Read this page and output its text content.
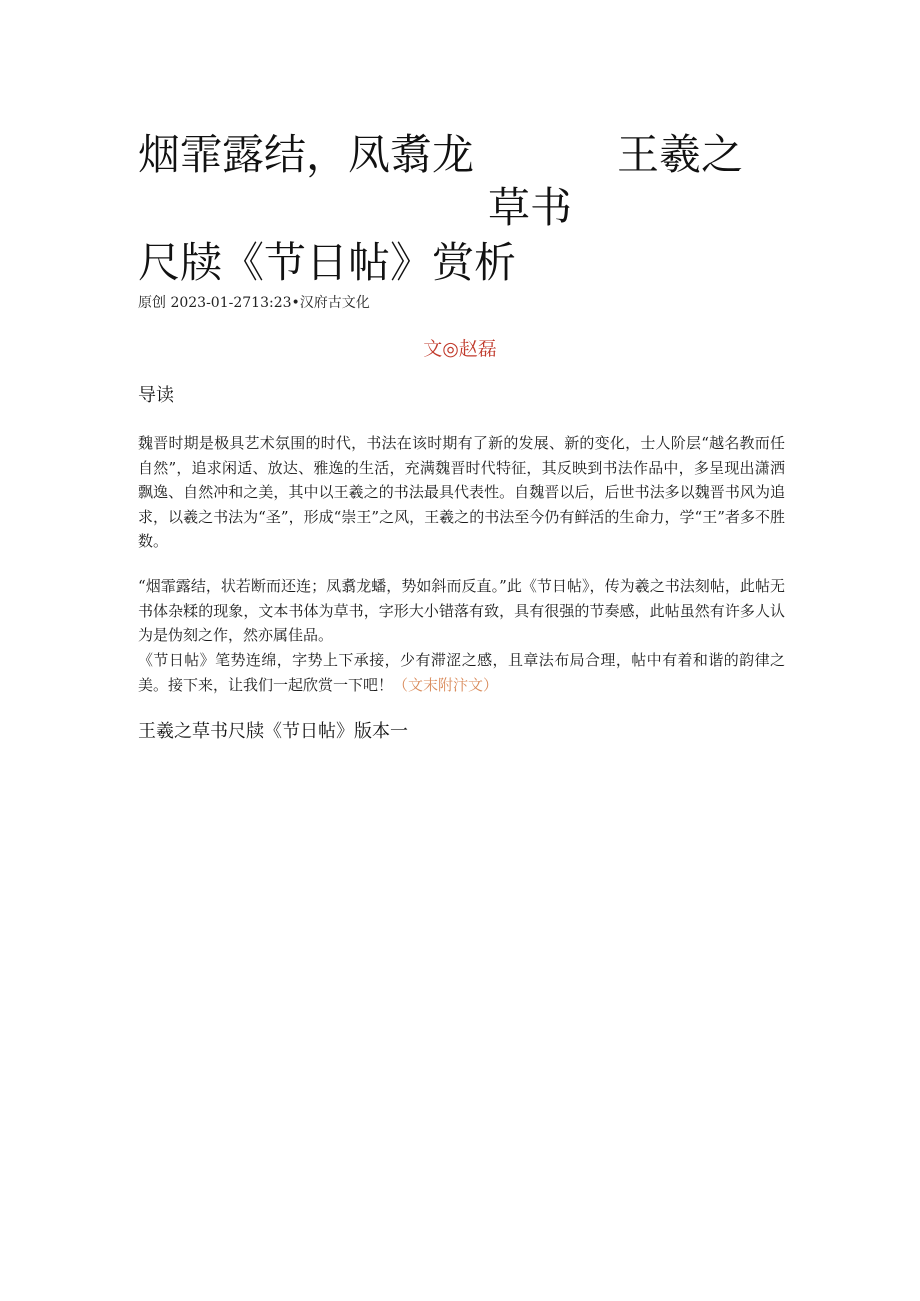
烟霏露结，凤翥龙	王羲之
草书
尺牍《节日帖》赏析
原创 2023-01-2713:23•汉府古文化
文◎赵磊
导读

魏晋时期是极具艺术氛围的时代，书法在该时期有了新的发展、新的变化，士人阶层“越名教而任自然”，追求闲适、放达、雅逸的生活，充满魏晋时代特征，其反映到书法作品中，多呈现出潇洒飘逸、自然冲和之美，其中以王羲之的书法最具代表性。自魏晋以后，后世书法多以魏晋书风为追求，以羲之书法为“圣”，形成“崇王”之风，王羲之的书法至今仍有鲜活的生命力，学“王”者多不胜数。

“烟霏露结，状若断而还连；凤翥龙蟠，势如斜而反直。”此《节日帖》，传为羲之书法刻帖，此帖无书体杂糅的现象，文本书体为草书，字形大小错落有致，具有很强的节奏感，此帖虽然有许多人认为是伪刻之作，然亦属佳品。

《节日帖》笔势连绵，字势上下承接，少有滞涩之感，且章法布局合理，帖中有着和谐的韵律之美。接下来，让我们一起欣赏一下吧！（文末附汴文）

王羲之草书尺牍《节日帖》版本一
